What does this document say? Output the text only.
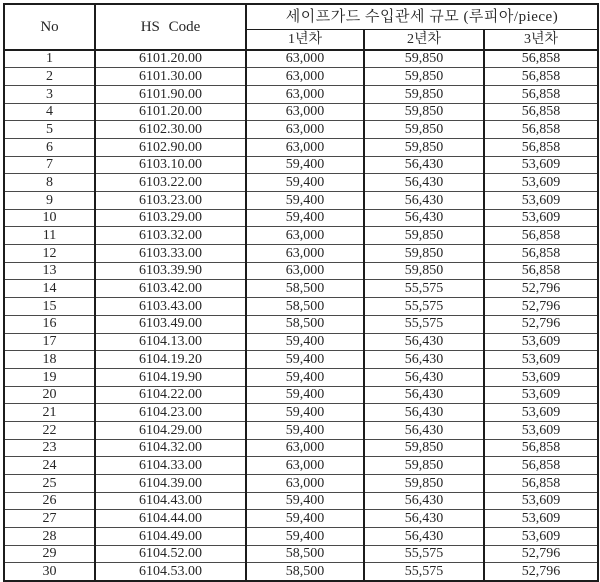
No	HS Code	세이프가드 수입관세 규모 (루피아/piece)		
		1년차	2년차	3년차
1	6101.20.00	63,000	59,850	56,858
2	6101.30.00	63,000	59,850	56,858
3	6101.90.00	63,000	59,850	56,858
4	6101.20.00	63,000	59,850	56,858
5	6102.30.00	63,000	59,850	56,858
6	6102.90.00	63,000	59,850	56,858
7	6103.10.00	59,400	56,430	53,609
8	6103.22.00	59,400	56,430	53,609
9	6103.23.00	59,400	56,430	53,609
10	6103.29.00	59,400	56,430	53,609
11	6103.32.00	63,000	59,850	56,858
12	6103.33.00	63,000	59,850	56,858
13	6103.39.90	63,000	59,850	56,858
14	6103.42.00	58,500	55,575	52,796
15	6103.43.00	58,500	55,575	52,796
16	6103.49.00	58,500	55,575	52,796
17	6104.13.00	59,400	56,430	53,609
18	6104.19.20	59,400	56,430	53,609
19	6104.19.90	59,400	56,430	53,609
20	6104.22.00	59,400	56,430	53,609
21	6104.23.00	59,400	56,430	53,609
22	6104.29.00	59,400	56,430	53,609
23	6104.32.00	63,000	59,850	56,858
24	6104.33.00	63,000	59,850	56,858
25	6104.39.00	63,000	59,850	56,858
26	6104.43.00	59,400	56,430	53,609
27	6104.44.00	59,400	56,430	53,609
28	6104.49.00	59,400	56,430	53,609
29	6104.52.00	58,500	55,575	52,796
30	6104.53.00	58,500	55,575	52,796
